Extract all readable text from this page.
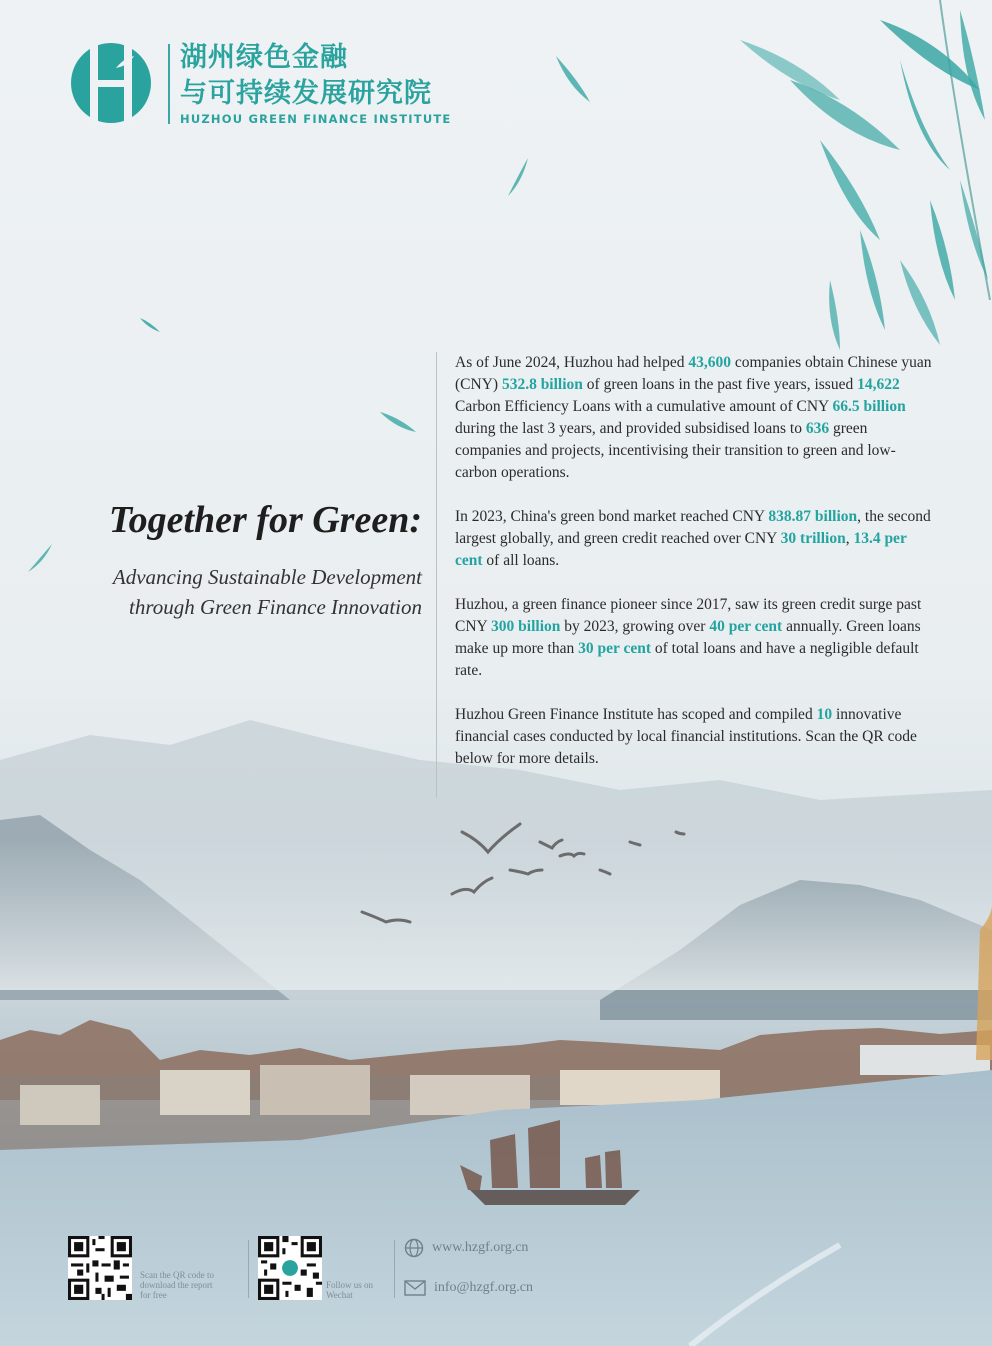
湖州绿色金融
与可持续发展研究院
HUZHOU GREEN FINANCE INSTITUTE
Together for Green:
Advancing Sustainable Development
through Green Finance Innovation

As of June 2024, Huzhou had helped 43,600 companies obtain Chinese yuan (CNY) 532.8 billion of green loans in the past five years, issued 14,622 Carbon Efficiency Loans with a cumulative amount of CNY 66.5 billion during the last 3 years, and provided subsidised loans to 636 green companies and projects, incentivising their transition to green and low-carbon operations.

In 2023, China's green bond market reached CNY 838.87 billion, the second largest globally, and green credit reached over CNY 30 trillion, 13.4 per cent of all loans.

Huzhou, a green finance pioneer since 2017, saw its green credit surge past CNY 300 billion by 2023, growing over 40 per cent annually. Green loans make up more than 30 per cent of total loans and have a negligible default rate.

Huzhou Green Finance Institute has scoped and compiled 10 innovative financial cases conducted by local financial institutions. Scan the QR code below for more details.

Scan the QR code to
download the report
for free
Follow us on
Wechat
www.hzgf.org.cn
info@hzgf.org.cn
